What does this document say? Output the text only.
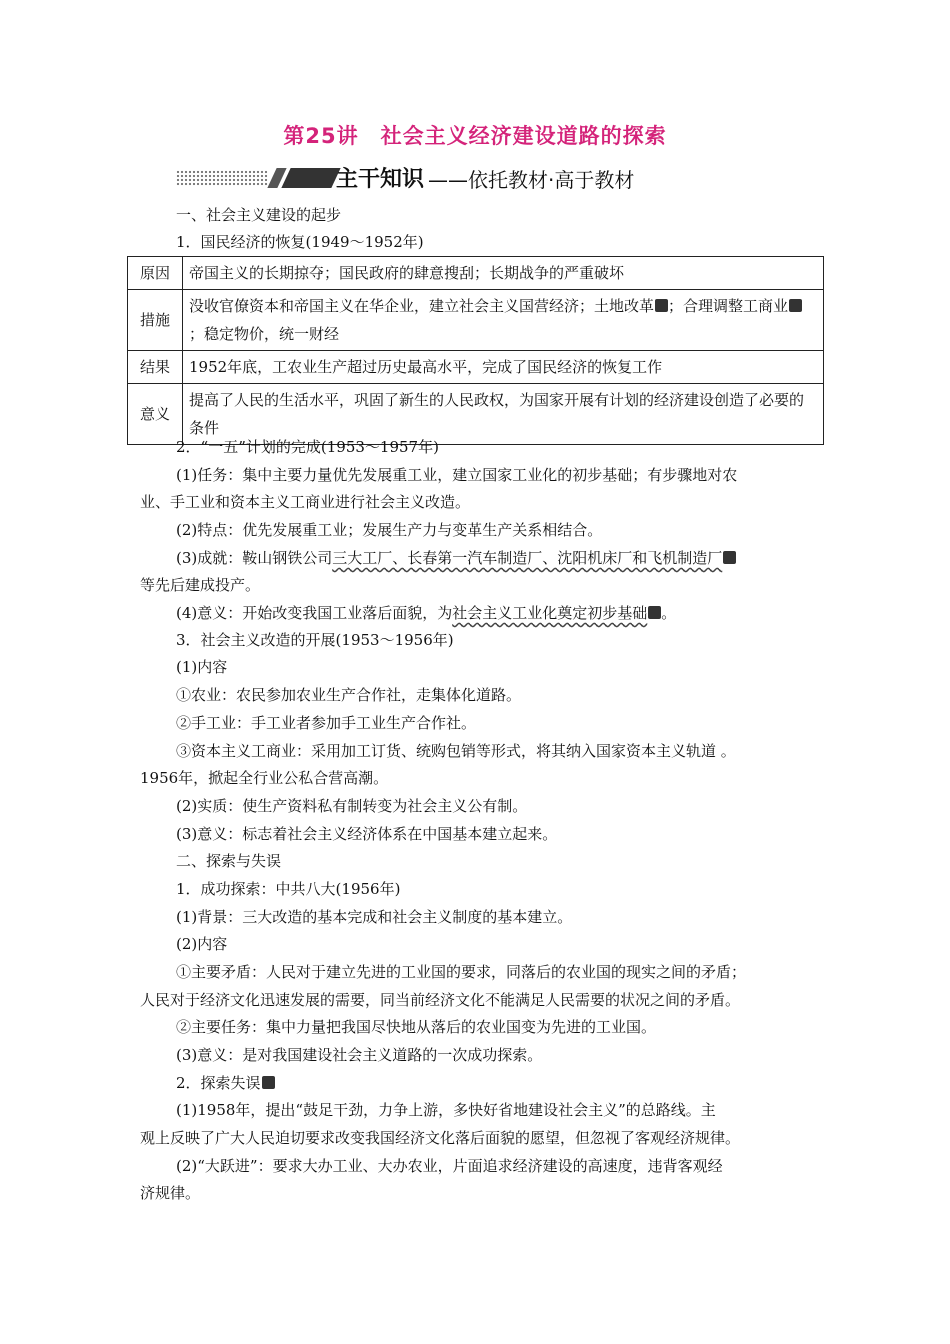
第25讲　社会主义经济建设道路的探索
主干知识 ——依托教材·高于教材
一、社会主义建设的起步
1．国民经济的恢复(1949～1952年)
原因	帝国主义的长期掠夺；国民政府的肆意搜刮；长期战争的严重破坏
措施	没收官僚资本和帝国主义在华企业，建立社会主义国营经济；土地改革 ；合理调整工商业；稳定物价，统一财经
结果	1952年底，工农业生产超过历史最高水平，完成了国民经济的恢复工作
意义	提高了人民的生活水平，巩固了新生的人民政权，为国家开展有计划的经济建设创造了必要的条件
2．“一五”计划的完成(1953～1957年)
(1)任务：集中主要力量优先发展重工业，建立国家工业化的初步基础；有步骤地对农
业、手工业和资本主义工商业进行社会主义改造。
(2)特点：优先发展重工业；发展生产力与变革生产关系相结合。
(3)成就：鞍山钢铁公司三大工厂、长春第一汽车制造厂、沈阳机床厂和飞机制造厂
等先后建成投产。
(4)意义：开始改变我国工业落后面貌，为社会主义工业化奠定初步基础 。
3．社会主义改造的开展(1953～1956年)
(1)内容
①农业：农民参加农业生产合作社，走集体化道路。
②手工业：手工业者参加手工业生产合作社。
③资本主义工商业：采用加工订货、统购包销等形式，将其纳入国家资本主义轨道 。
1956年，掀起全行业公私合营高潮。
(2)实质：使生产资料私有制转变为社会主义公有制。
(3)意义：标志着社会主义经济体系在中国基本建立起来。
二、探索与失误
1．成功探索：中共八大(1956年)
(1)背景：三大改造的基本完成和社会主义制度的基本建立。
(2)内容
①主要矛盾：人民对于建立先进的工业国的要求，同落后的农业国的现实之间的矛盾；
人民对于经济文化迅速发展的需要，同当前经济文化不能满足人民需要的状况之间的矛盾。
②主要任务：集中力量把我国尽快地从落后的农业国变为先进的工业国。
(3)意义：是对我国建设社会主义道路的一次成功探索。
2．探索失误
(1)1958年，提出“鼓足干劲，力争上游，多快好省地建设社会主义”的总路线。主
观上反映了广大人民迫切要求改变我国经济文化落后面貌的愿望，但忽视了客观经济规律。
(2)“大跃进”：要求大办工业、大办农业，片面追求经济建设的高速度，违背客观经
济规律。
